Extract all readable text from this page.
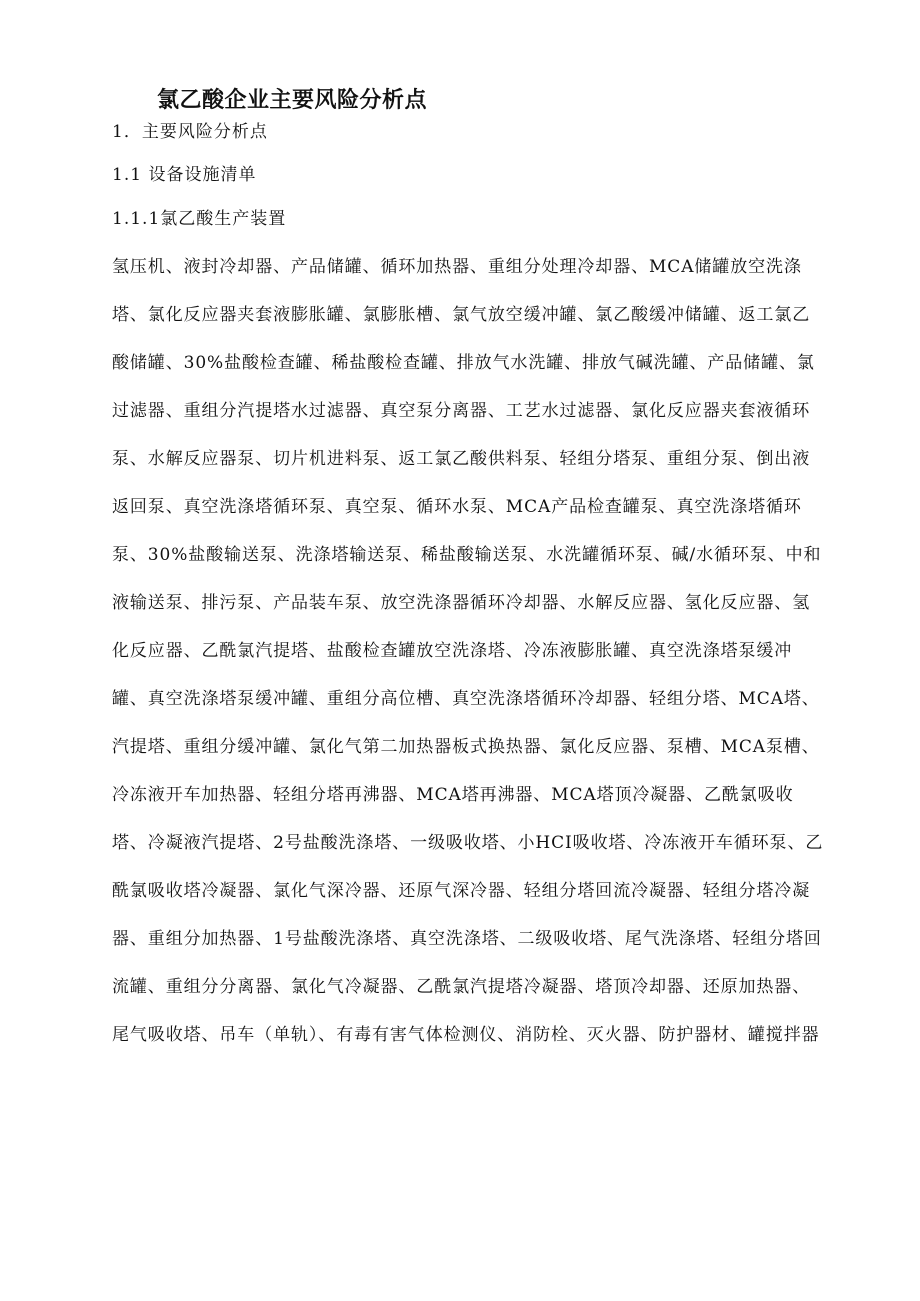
氯乙酸企业主要风险分析点
1．主要风险分析点
1.1 设备设施清单
1.1.1氯乙酸生产装置

氢压机、液封冷却器、产品储罐、循环加热器、重组分处理冷却器、MCA储罐放空洗涤塔、氯化反应器夹套液膨胀罐、氯膨胀槽、氯气放空缓冲罐、氯乙酸缓冲储罐、返工氯乙酸储罐、30%盐酸检查罐、稀盐酸检查罐、排放气水洗罐、排放气碱洗罐、产品储罐、氯过滤器、重组分汽提塔水过滤器、真空泵分离器、工艺水过滤器、氯化反应器夹套液循环泵、水解反应器泵、切片机进料泵、返工氯乙酸供料泵、轻组分塔泵、重组分泵、倒出液返回泵、真空洗涤塔循环泵、真空泵、循环水泵、MCA产品检查罐泵、真空洗涤塔循环泵、30%盐酸输送泵、洗涤塔输送泵、稀盐酸输送泵、水洗罐循环泵、碱/水循环泵、中和液输送泵、排污泵、产品装车泵、放空洗涤器循环冷却器、水解反应器、氢化反应器、氢化反应器、乙酰氯汽提塔、盐酸检查罐放空洗涤塔、冷冻液膨胀罐、真空洗涤塔泵缓冲罐、真空洗涤塔泵缓冲罐、重组分高位槽、真空洗涤塔循环冷却器、轻组分塔、MCA塔、汽提塔、重组分缓冲罐、氯化气第二加热器板式换热器、氯化反应器、泵槽、MCA泵槽、冷冻液开车加热器、轻组分塔再沸器、MCA塔再沸器、MCA塔顶冷凝器、乙酰氯吸收塔、冷凝液汽提塔、2号盐酸洗涤塔、一级吸收塔、小HCI吸收塔、冷冻液开车循环泵、乙酰氯吸收塔冷凝器、氯化气深冷器、还原气深冷器、轻组分塔回流冷凝器、轻组分塔冷凝器、重组分加热器、1号盐酸洗涤塔、真空洗涤塔、二级吸收塔、尾气洗涤塔、轻组分塔回流罐、重组分分离器、氯化气冷凝器、乙酰氯汽提塔冷凝器、塔顶冷却器、还原加热器、尾气吸收塔、吊车（单轨）、有毒有害气体检测仪、消防栓、灭火器、防护器材、罐搅拌器
